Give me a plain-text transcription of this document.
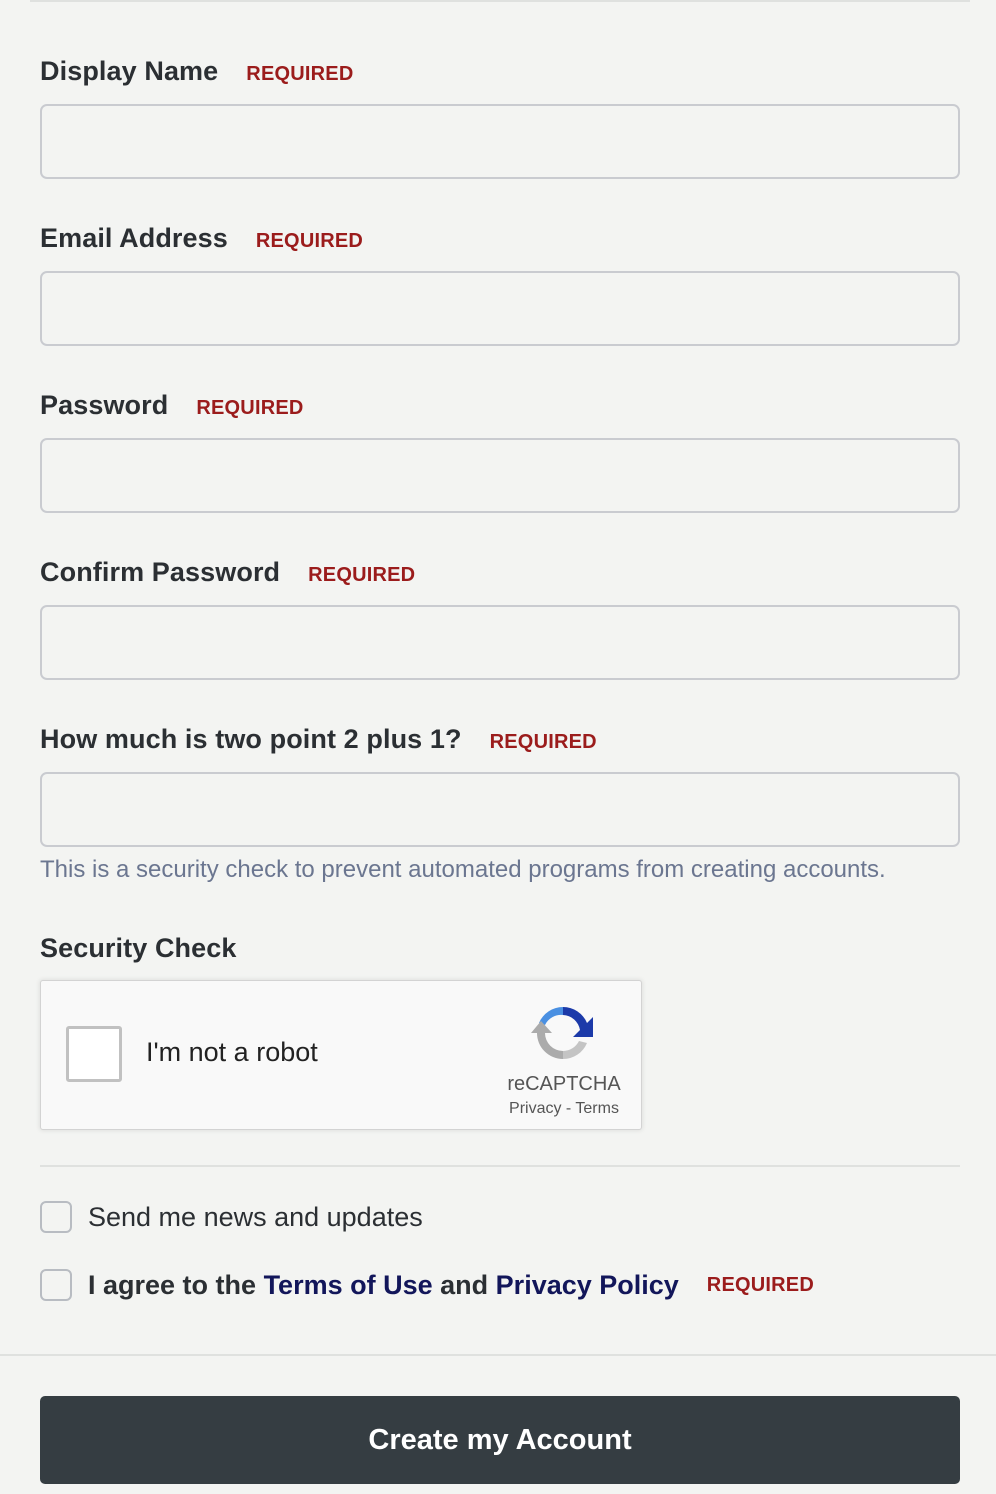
Display Name REQUIRED
Email Address REQUIRED
Password REQUIRED
Confirm Password REQUIRED
How much is two point 2 plus 1? REQUIRED
This is a security check to prevent automated programs from creating accounts.
Security Check
I'm not a robot
reCAPTCHA
Privacy - Terms
Send me news and updates
I agree to the Terms of Use and Privacy Policy REQUIRED
Create my Account
